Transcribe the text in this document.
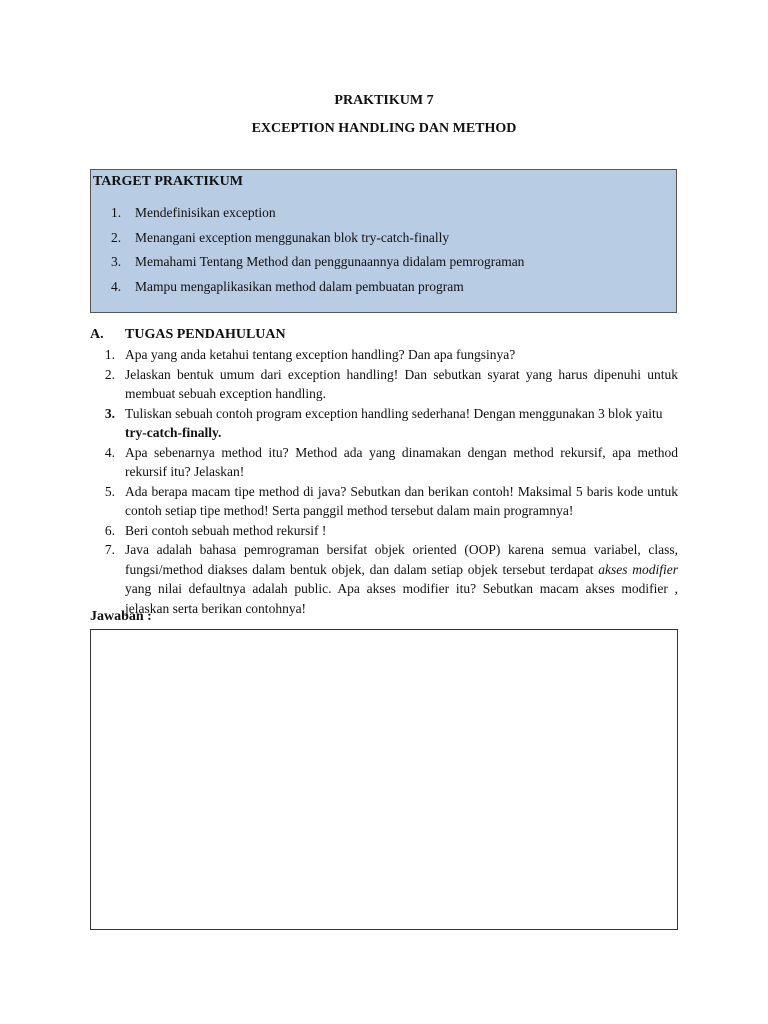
PRAKTIKUM 7
EXCEPTION HANDLING DAN METHOD
TARGET PRAKTIKUM
1.	Mendefinisikan exception
2.	Menangani exception menggunakan blok try-catch-finally
3.	Memahami Tentang Method dan penggunaannya didalam pemrograman
4.	Mampu mengaplikasikan method dalam pembuatan program
A. TUGAS PENDAHULUAN
1. Apa yang anda ketahui tentang exception handling? Dan apa fungsinya?
2. Jelaskan bentuk umum dari exception handling! Dan sebutkan syarat yang harus dipenuhi untuk membuat sebuah exception handling.
3. Tuliskan sebuah contoh program exception handling sederhana! Dengan menggunakan 3 blok yaitu
try-catch-finally.
4. Apa sebenarnya method itu? Method ada yang dinamakan dengan method rekursif, apa method rekursif itu? Jelaskan!
5. Ada berapa macam tipe method di java? Sebutkan dan berikan contoh! Maksimal 5 baris kode untuk contoh setiap tipe method! Serta panggil method tersebut dalam main programnya!
6. Beri contoh sebuah method rekursif !
7. Java adalah bahasa pemrograman bersifat objek oriented (OOP) karena semua variabel, class, fungsi/method diakses dalam bentuk objek, dan dalam setiap objek tersebut terdapat akses modifier yang nilai defaultnya adalah public. Apa akses modifier itu? Sebutkan macam akses modifier , jelaskan serta berikan contohnya!
Jawaban :
